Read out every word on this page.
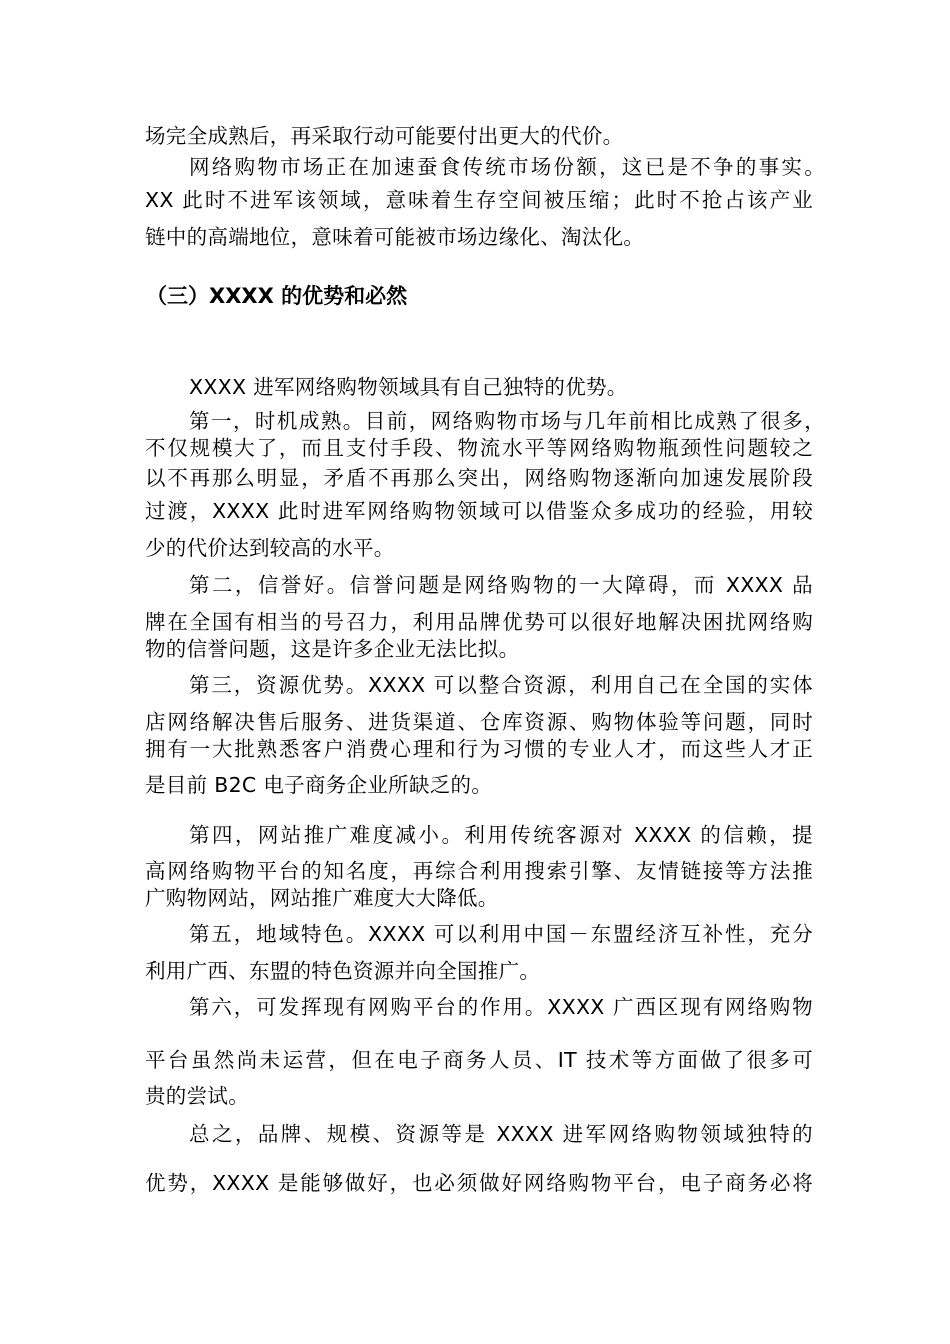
场完全成熟后，再采取行动可能要付出更大的代价。
网络购物市场正在加速蚕食传统市场份额，这已是不争的事实。
XX 此时不进军该领域，意味着生存空间被压缩；此时不抢占该产业
链中的高端地位，意味着可能被市场边缘化、淘汰化。
（三）XXXX 的优势和必然
XXXX 进军网络购物领域具有自己独特的优势。
第一，时机成熟。目前，网络购物市场与几年前相比成熟了很多，
不仅规模大了，而且支付手段、物流水平等网络购物瓶颈性问题较之
以不再那么明显，矛盾不再那么突出，网络购物逐渐向加速发展阶段
过渡，XXXX 此时进军网络购物领域可以借鉴众多成功的经验，用较
少的代价达到较高的水平。
第二，信誉好。信誉问题是网络购物的一大障碍，而 XXXX 品
牌在全国有相当的号召力，利用品牌优势可以很好地解决困扰网络购
物的信誉问题，这是许多企业无法比拟。
第三，资源优势。XXXX 可以整合资源，利用自己在全国的实体
店网络解决售后服务、进货渠道、仓库资源、购物体验等问题，同时
拥有一大批熟悉客户消费心理和行为习惯的专业人才，而这些人才正
是目前 B2C 电子商务企业所缺乏的。
第四，网站推广难度减小。利用传统客源对 XXXX 的信赖，提
高网络购物平台的知名度，再综合利用搜索引擎、友情链接等方法推
广购物网站，网站推广难度大大降低。
第五，地域特色。XXXX 可以利用中国－东盟经济互补性，充分
利用广西、东盟的特色资源并向全国推广。
第六，可发挥现有网购平台的作用。XXXX 广西区现有网络购物
平台虽然尚未运营，但在电子商务人员、IT 技术等方面做了很多可
贵的尝试。
总之，品牌、规模、资源等是 XXXX 进军网络购物领域独特的
优势，XXXX 是能够做好，也必须做好网络购物平台，电子商务必将
